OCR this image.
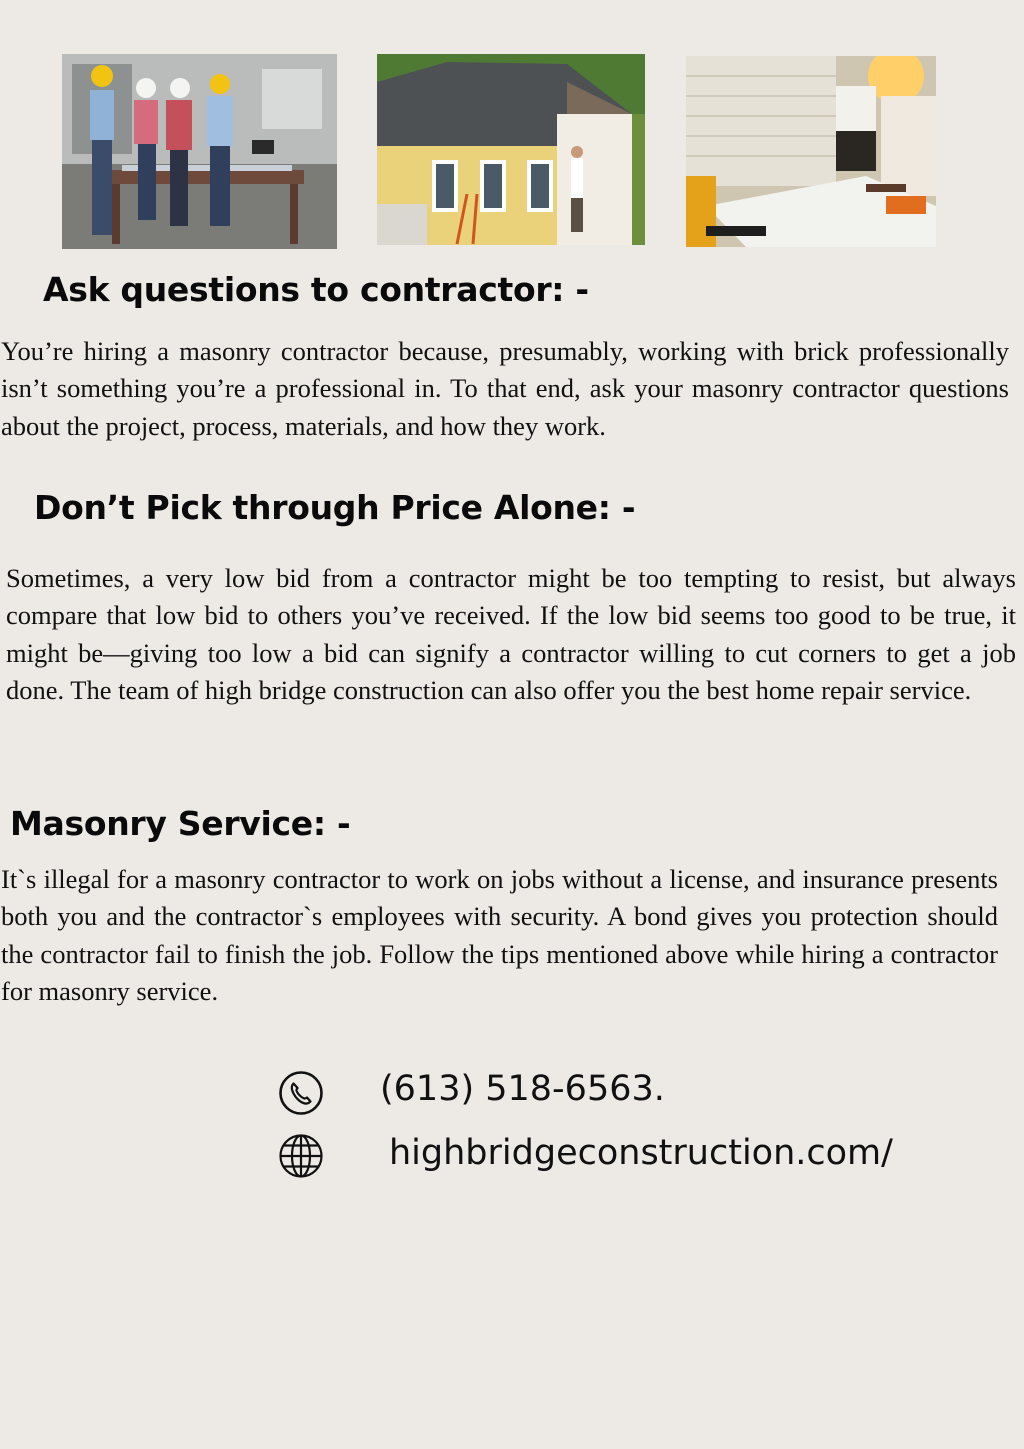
Ask questions to contractor: -

You’re hiring a masonry contractor because, presumably, working with brick professionally isn’t something you’re a professional in. To that end, ask your masonry contractor questions about the project, process, materials, and how they work.

Don’t Pick through Price Alone: -

Sometimes, a very low bid from a contractor might be too tempting to resist, but always compare that low bid to others you’ve received. If the low bid seems too good to be true, it might be—giving too low a bid can signify a contractor willing to cut corners to get a job done. The team of high bridge construction can also offer you the best home repair service.

Masonry Service: -

It`s illegal for a masonry contractor to work on jobs without a license, and insurance presents both you and the contractor`s employees with security. A bond gives you protection should the contractor fail to finish the job. Follow the tips mentioned above while hiring a contractor for masonry service.

(613) 518-6563.
highbridgeconstruction.com/
